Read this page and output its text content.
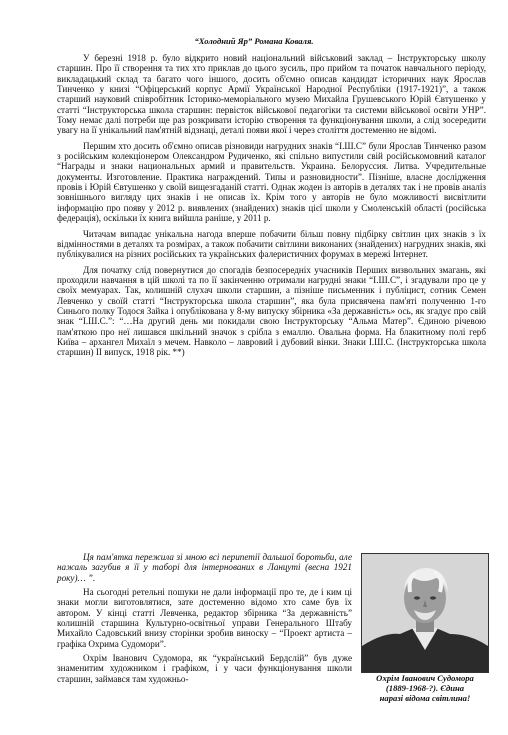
“Холодний Яр” Романа Коваля.

У березні 1918 р. було відкрито новий національний військовий заклад – Інструкторську школу старшин. Про її створення та тих хто приклав до цього зусиль, про прийом та початок навчального періоду, викладацький склад та багато чого іншого, досить об'ємно описав кандидат історичних наук Ярослав Тинченко у книзі “Офіцерський корпус Армії Української Народної Республіки (1917-1921)”, а також старший науковий співробітник Історико-меморіального музею Михайла Грушевського Юрій Євтушенко у статті “Інструкторська школа старшин: первісток військової педагогіки та системи військової освіти УНР”. Тому немає далі потреби ще раз розкривати історію створення та функціонування школи, а слід зосередити увагу на її унікальний пам'ятній відзнаці, деталі появи якої і через століття достеменно не відомі.

Першим хто досить об'ємно описав різновиди нагрудних знаків “І.Ш.С” були Ярослав Тинченко разом з російським колекціонером Олександром Рудиченко, які спільно випустили свій російськомовний каталог “Награды и знаки национальных армий и правительств. Украина. Белоруссия. Литва. Учредительные документы. Изготовление. Практика награждений. Типы и разновидности”. Пізніше, власне дослідження провів і Юрій Євтушенко у своїй вищезгаданій статті. Однак жоден із авторів в деталях так і не провів аналіз зовнішнього вигляду цих знаків і не описав їх. Крім того у авторів не було можливості висвітлити інформацію про появу у 2012 р. виявлених (знайдених) знаків цієї школи у Смоленській області (російська федерація), оскільки їх книга вийшла раніше, у 2011 р.

Читачам випадає унікальна нагода вперше побачити більш повну підбірку світлин цих знаків з їх відмінностями в деталях та розмірах, а також побачити світлини виконаних (знайдених) нагрудних знаків, які публікувалися на різних російських та українських фалеристичних форумах в мережі Інтернет.

Для початку слід повернутися до спогадів безпосередніх учасників Перших визвольних змагань, які проходили навчання в цій школі та по її закінченню отримали нагрудні знаки “І.Ш.С”, і згадували про це у своїх мемуарах. Так, колишній слухач школи старшин, а пізніше письменник і публіцист, сотник Семен Левченко у своїй статті “Інструкторська школа старшин”, яка була присвячена пам'яті полученню 1-го Синього полку Тодося Зайка і опублікована у 8-му випуску збірника «За державність» ось, як згадує про свій знак “І.Ш.С.”: “…На другий день ми покидали свою Інструкторську “Альма Матер”. Єдиною річевою пам'яткою про неї лишався шкільний значок з срібла з емаллю. Овальна форма. На блакитному полі герб Київа – архангел Михаїл з мечем. Навколо – лавровий і дубовий вінки. Знаки І.Ш.С. (Інструкторська школа старшин) II випуск, 1918 рік. **)

Ця пам'ятка пережила зі мною всі перипетії дальшої боротьби, але нажаль загубив я її у таборі для інтернованих в Ланцуті (весна 1921 року)… ”.

На сьогодні ретельні пошуки не дали інформації про те, де і ким ці знаки могли виготовлятися, зате достеменно відомо хто саме був їх автором. У кінці статті Левченка, редактор збірника “За державність” колишній старшина Культурно-освітньої управи Генерального Штабу Михайло Садовський внизу сторінки зробив виноску – “Проект артиста – графіка Охрима Судомори”.

Охрім Іванович Судомора, як “український Бердслій” був дуже знаменитим художником і графіком, і у часи функціонування школи старшин, займався там художньо-	Охрім Іванович Судомора
(1889-1968-?). Єдина
наразі відома світлина!
